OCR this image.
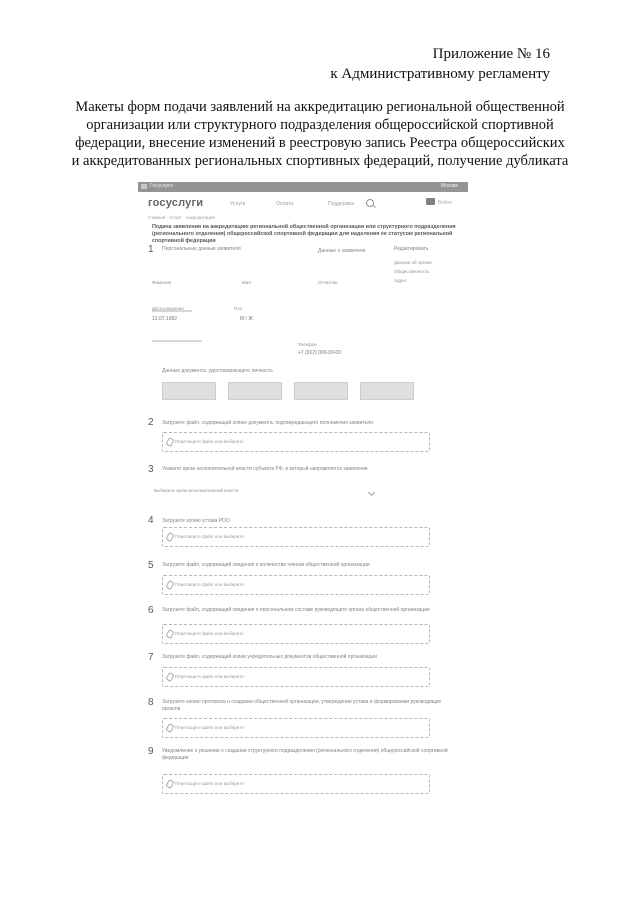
Приложение № 16
к Административному регламенту
Макеты форм подачи заявлений на аккредитацию региональной общественной
организации или структурного подразделения общероссийской спортивной
федерации, внесение изменений в реестровую запись Реестра общероссийских
и аккредитованных региональных спортивных федераций, получение дубликата
Госуслуги	Москва
госуслуги	Услуги	Оплата	Поддержка	Войти
Главная · Спорт · Аккредитация
Подача заявления на аккредитацию региональной общественной организации или структурного подразделения (регионального отделения) общероссийской спортивной федерации для наделения ее статусом региональной спортивной федерации
1 Персональные данные заявителя	Данные о заявителе	Редактировать
Данные об органе
Общественность
Адрес
Фамилия	Имя	Отчество
Дата рождения
12.07.1982
Пол
М / Ж
Телефон
+7 (912) 000-00-00
Данные документа, удостоверяющего личность
2 Загрузите файл, содержащий копию документа, подтверждающего полномочия заявителя
Перетащите файл или выберите
3 Укажите орган исполнительной власти субъекта РФ, в который направляется заявление
Выберите орган исполнительной власти
4 Загрузите копию устава РОО
Перетащите файл или выберите
5 Загрузите файл, содержащий сведения о количестве членов общественной организации
Перетащите файл или выберите
6 Загрузите файл, содержащий сведения о персональном составе руководящего органа общественной организации
Перетащите файл или выберите
7 Загрузите файл, содержащий копии учредительных документов общественной организации
Перетащите файл или выберите
8 Загрузите копию протокола о создании общественной организации, утверждении устава и формировании руководящих органов
Перетащите файл или выберите
9 Уведомление о решении о создании структурного подразделения (регионального отделения) общероссийской спортивной федерации
Перетащите файл или выберите
